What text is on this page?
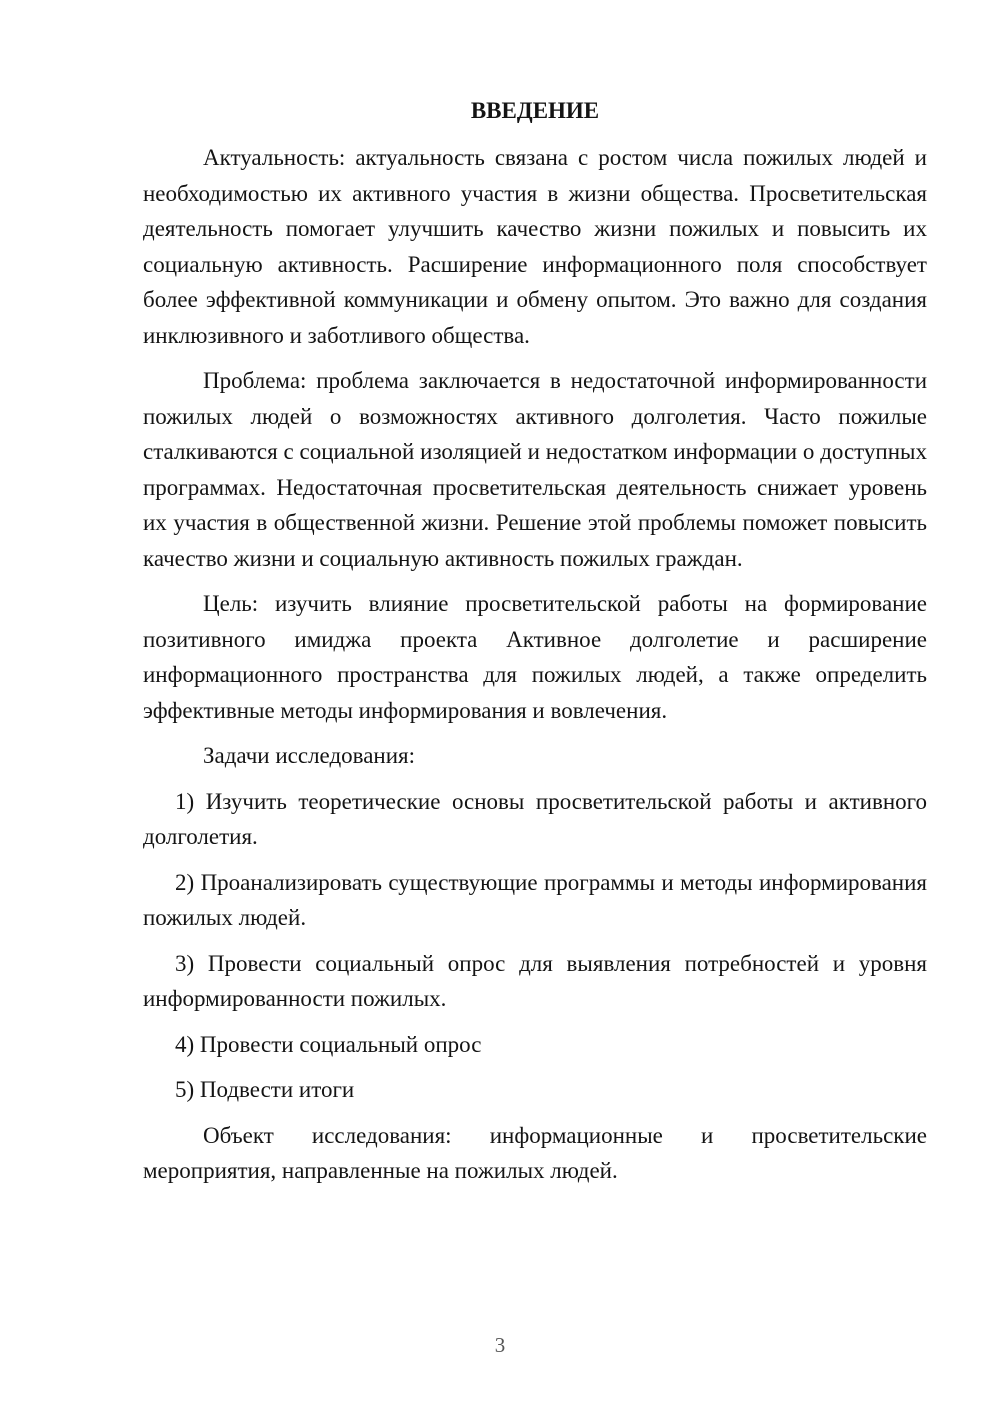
ВВЕДЕНИЕ

Актуальность: актуальность связана с ростом числа пожилых людей и необходимостью их активного участия в жизни общества. Просветительская деятельность помогает улучшить качество жизни пожилых и повысить их социальную активность. Расширение информационного поля способствует более эффективной коммуникации и обмену опытом. Это важно для создания инклюзивного и заботливого общества.

Проблема: проблема заключается в недостаточной информированности пожилых людей о возможностях активного долголетия. Часто пожилые сталкиваются с социальной изоляцией и недостатком информации о доступных программах. Недостаточная просветительская деятельность снижает уровень их участия в общественной жизни. Решение этой проблемы поможет повысить качество жизни и социальную активность пожилых граждан.

Цель: изучить влияние просветительской работы на формирование позитивного имиджа проекта Активное долголетие и расширение информационного пространства для пожилых людей, а также определить эффективные методы информирования и вовлечения.

Задачи исследования:

1) Изучить теоретические основы просветительской работы и активного долголетия.

2) Проанализировать существующие программы и методы информирования пожилых людей.

3) Провести социальный опрос для выявления потребностей и уровня информированности пожилых.

4) Провести социальный опрос

5) Подвести итоги

Объект исследования: информационные и просветительские мероприятия, направленные на пожилых людей.

3
